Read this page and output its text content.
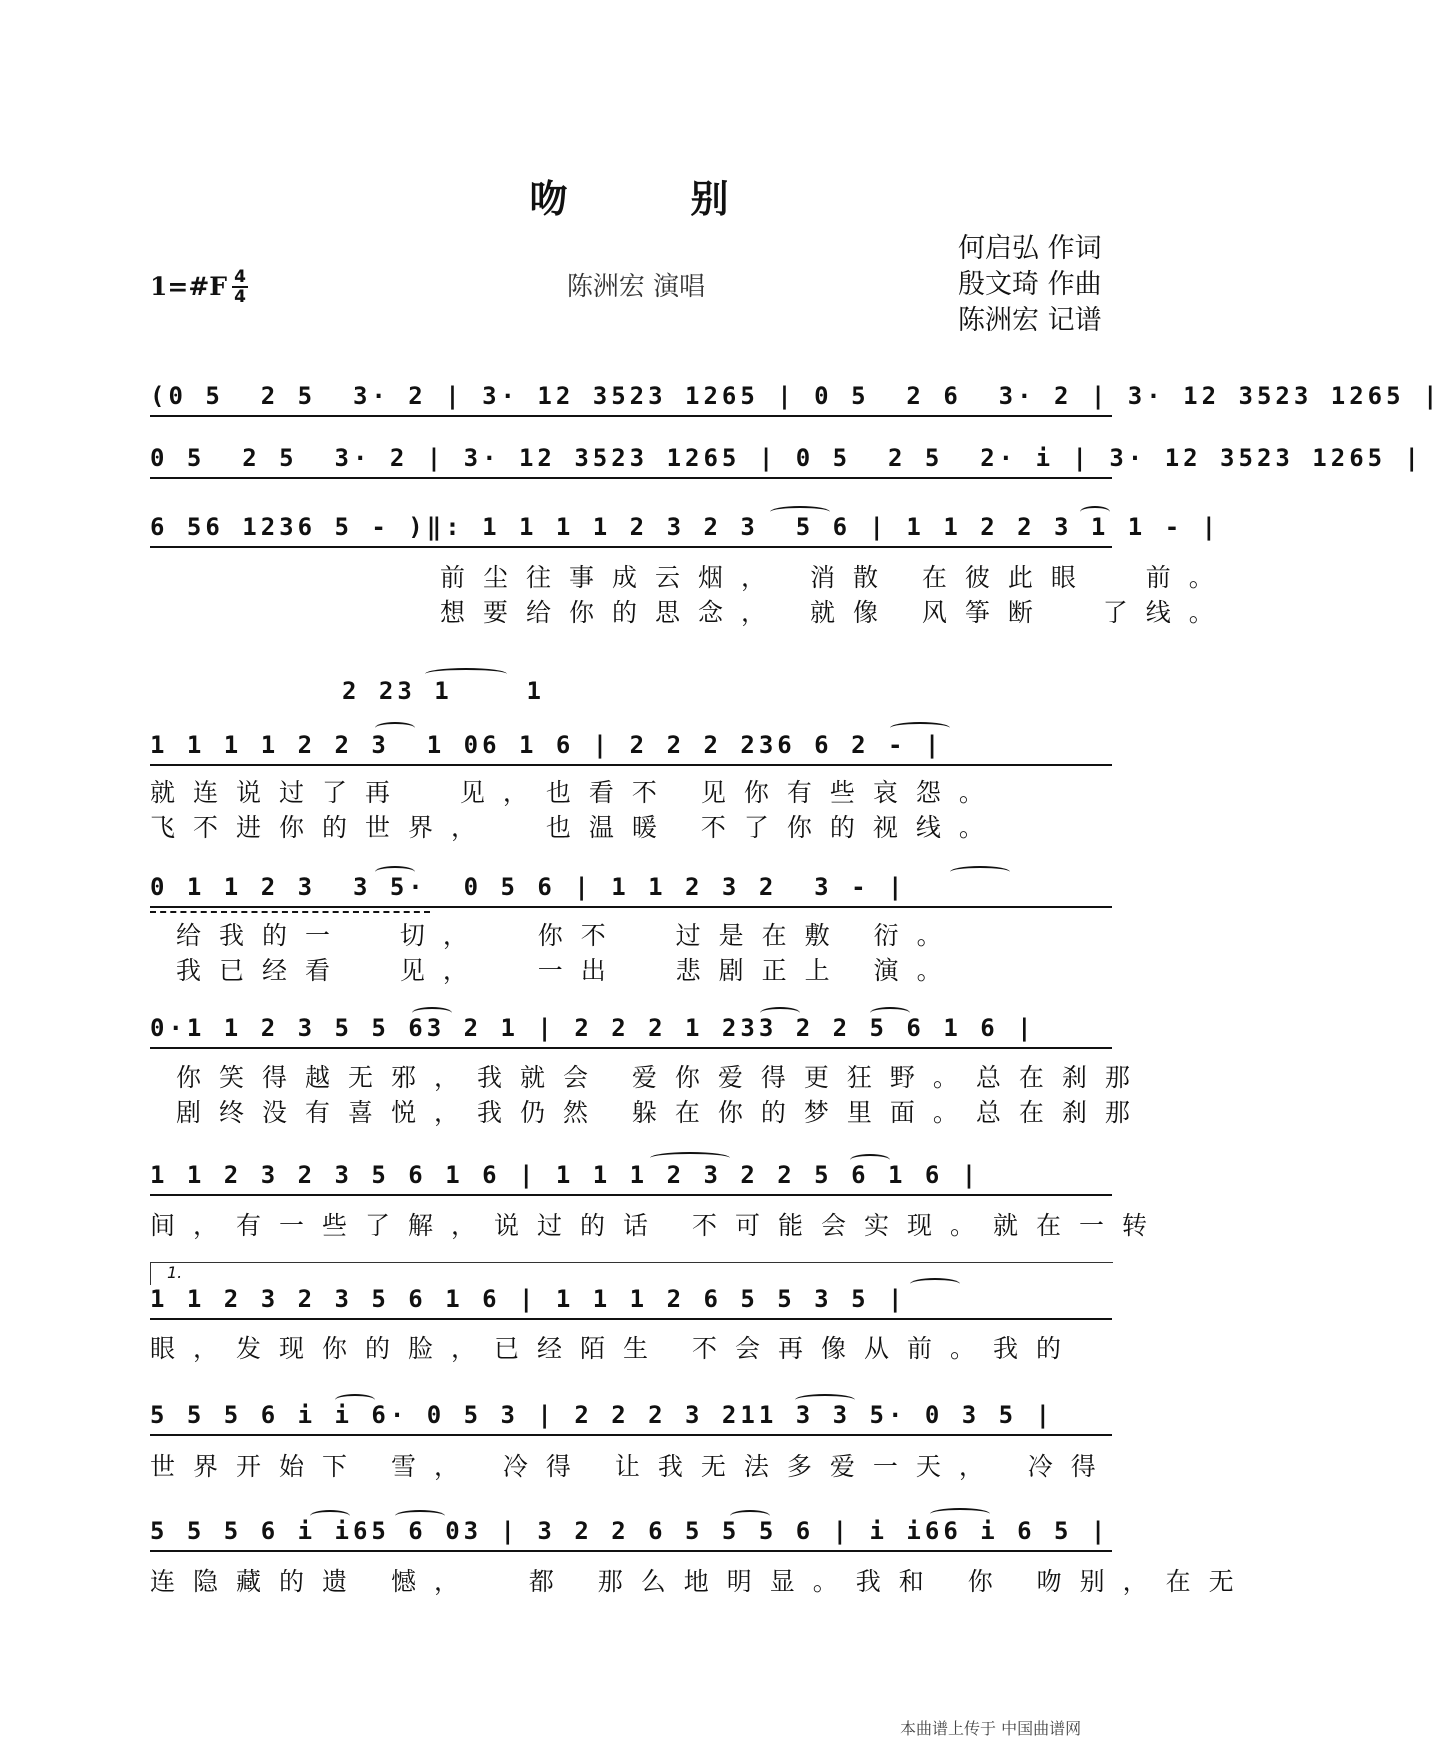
吻    别
1=#F 4
4	陈洲宏 演唱
何启弘 作词
殷文琦 作曲
陈洲宏 记谱
(0 5  2 5  3· 2 | 3· 12 3523 1265 | 0 5  2 6  3· 2 | 3· 12 3523 1265 |
0 5  2 5  3· 2 | 3· 12 3523 1265 | 0 5  2 5  2· i | 3· 12 3523 1265 |
6 56 1236 5 - )‖: 1 1 1 1 2 3 2 3  5 6 | 1 1 2 2 3 1 1 - |
前尘往事成云烟， 消散 在彼此眼  前。
想要给你的思念， 就像 风筝断  了线。
2 23 1    1
1 1 1 1 2 2 3  1 06 1 6 | 2 2 2 236 6 2 - |
就连说过了再  见，也看不 见你有些哀怨。
飞不进你的世界，  也温暖 不了你的视线。
0 1 1 2 3  3 5·  0 5 6 | 1 1 2 3 2  3 - |
给我的一  切，  你不  过是在敷 衍。
我已经看  见，  一出  悲剧正上 演。
0·1 1 2 3 5 5 63 2 1 | 2 2 2 1 233 2 2 5 6 1 6 |
你笑得越无邪，我就会 爱你爱得更狂野。总在刹那
剧终没有喜悦，我仍然 躲在你的梦里面。总在刹那
1 1 2 3 2 3 5 6 1 6 | 1 1 1 2 3 2 2 5 6 1 6 |
间，有一些了解，说过的话 不可能会实现。就在一转
1.
1 1 2 3 2 3 5 6 1 6 | 1 1 1 2 6 5 5 3 5 |
眼，发现你的脸，已经陌生 不会再像从前。我的
5 5 5 6 i i 6· 0 5 3 | 2 2 2 3 211 3 3 5· 0 3 5 |
世界开始下 雪， 冷得 让我无法多爱一天， 冷得
5 5 5 6 i i65 6 03 | 3 2 2 6 5 5 5 6 | i i66 i 6 5 |
连隐藏的遗 憾，  都 那么地明显。我和 你 吻别，在无
本曲谱上传于 中国曲谱网
